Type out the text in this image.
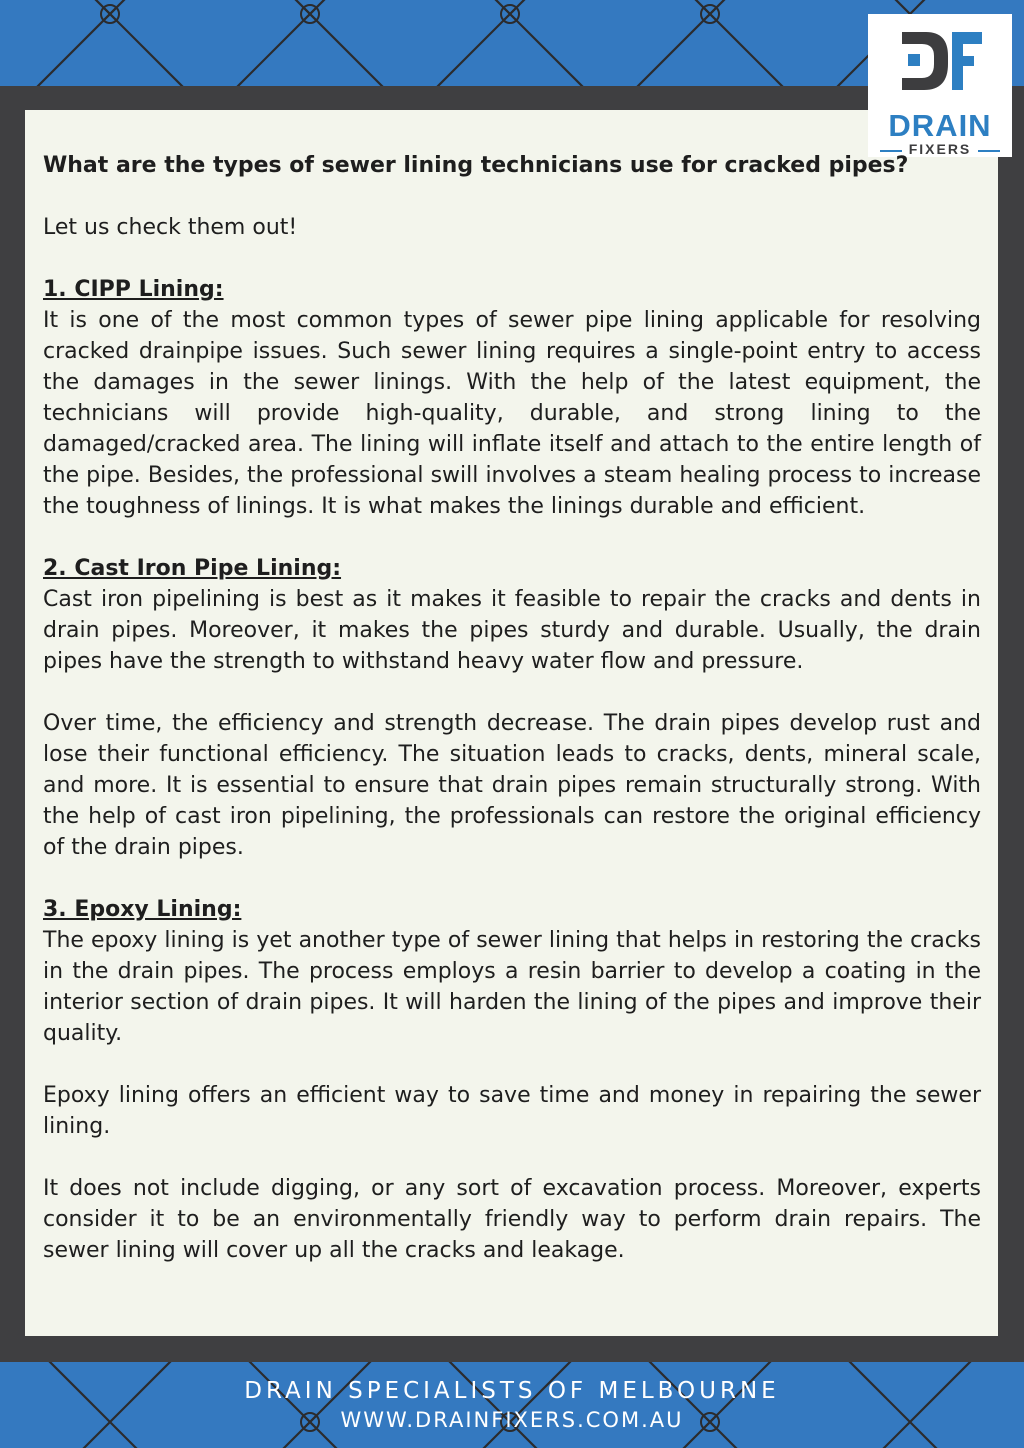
DRAIN
FIXERS

What are the types of sewer lining technicians use for cracked pipes?

Let us check them out!

1. CIPP Lining:
It is one of the most common types of sewer pipe lining applicable for resolving cracked drainpipe issues. Such sewer lining requires a single-point entry to access the damages in the sewer linings. With the help of the latest equipment, the technicians will provide high-quality, durable, and strong lining to the damaged/cracked area. The lining will inflate itself and attach to the entire length of the pipe. Besides, the professional swill involves a steam healing process to increase the toughness of linings. It is what makes the linings durable and efficient.

2. Cast Iron Pipe Lining:
Cast iron pipelining is best as it makes it feasible to repair the cracks and dents in drain pipes. Moreover, it makes the pipes sturdy and durable. Usually, the drain pipes have the strength to withstand heavy water flow and pressure.

Over time, the efficiency and strength decrease. The drain pipes develop rust and lose their functional efficiency. The situation leads to cracks, dents, mineral scale, and more. It is essential to ensure that drain pipes remain structurally strong. With the help of cast iron pipelining, the professionals can restore the original efficiency of the drain pipes.

3. Epoxy Lining:
The epoxy lining is yet another type of sewer lining that helps in restoring the cracks in the drain pipes. The process employs a resin barrier to develop a coating in the interior section of drain pipes. It will harden the lining of the pipes and improve their quality.

Epoxy lining offers an efficient way to save time and money in repairing the sewer lining.

It does not include digging, or any sort of excavation process. Moreover, experts consider it to be an environmentally friendly way to perform drain repairs. The sewer lining will cover up all the cracks and leakage.

DRAIN SPECIALISTS OF MELBOURNE
WWW.DRAINFIXERS.COM.AU
